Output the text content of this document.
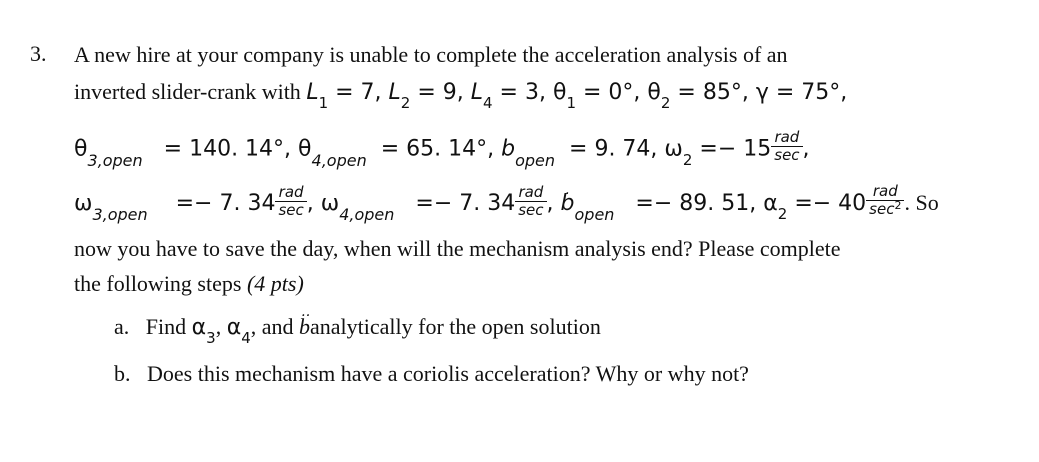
3. A new hire at your company is unable to complete the acceleration analysis of an
inverted slider-crank with $L_1 = 7$, $L_2 = 9$, $L_4 = 3$, $\theta_1 = 0^\circ$, $\theta_2 = 85^\circ$, γ = 75°,
$\theta_{3,open} = 140$. 14°, $\theta_{4,open} = 65$. 14°, $b_{open} = 9$. 74, $\omega_2 =- 15 \frac{\text{rad}}{\sec}$ ,
$\omega_{3,open} =- 7$. $34 \frac{\text{rad}}{\sec}$ , $\omega_{4,open} =- 7$. $34 \frac{\text{rad}}{\sec}$ , ․ $b_{open} =- 89$. 51, $\alpha_2 =- 40 \frac{\text{rad}}{\sec^2}$ . So
now you have to save the day, when will the mechanism analysis end? Please complete
the following steps (4 pts)
a. Find $\alpha_3$, $\alpha_4$, and ‥ banalytically for the open solution
b. Does this mechanism have a coriolis acceleration? Why or why not?
